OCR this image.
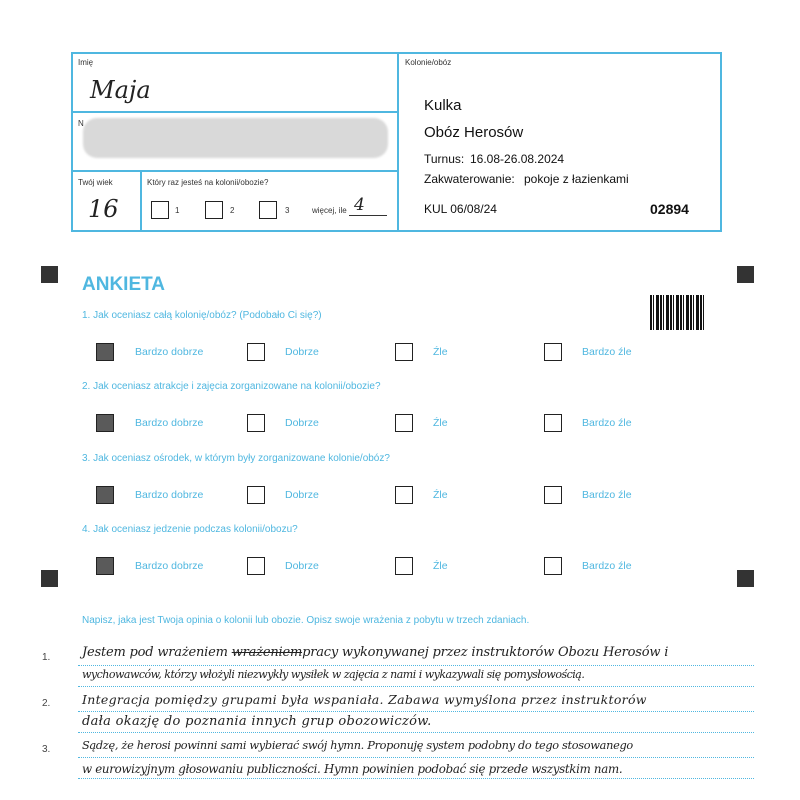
Imię
Maja
N
Twój wiek
16
Który raz jesteś na kolonii/obozie?
1	2	3	więcej, ile 4
Kolonie/obóz
Kulka
Obóz Herosów
Turnus: 16.08-26.08.2024
Zakwaterowanie: pokoje z łazienkami
KUL 06/08/24	02894
ANKIETA
1. Jak oceniasz całą kolonię/obóz? (Podobało Ci się?)
Bardzo dobrze	Dobrze	Źle	Bardzo źle
2. Jak oceniasz atrakcje i zajęcia zorganizowane na kolonii/obozie?
Bardzo dobrze	Dobrze	Źle	Bardzo źle
3. Jak oceniasz ośrodek, w którym były zorganizowane kolonie/obóz?
Bardzo dobrze	Dobrze	Źle	Bardzo źle
4. Jak oceniasz jedzenie podczas kolonii/obozu?
Bardzo dobrze	Dobrze	Źle	Bardzo źle
Napisz, jaka jest Twoja opinia o kolonii lub obozie. Opisz swoje wrażenia z pobytu w trzech zdaniach.
1.
2.
3.
Jestem pod wrażeniem wrażeniempracy wykonywanej przez instruktorów Obozu Herosów i
wychowawców, którzy włożyli niezwykły wysiłek w zajęcia z nami i wykazywali się pomysłowością.
Integracja pomiędzy grupami była wspaniała. Zabawa wymyślona przez instruktorów
dała okazję do poznania innych grup obozowiczów.
Sądzę, że herosi powinni sami wybierać swój hymn. Proponuję system podobny do tego stosowanego
w eurowizyjnym głosowaniu publiczności. Hymn powinien podobać się przede wszystkim nam.
